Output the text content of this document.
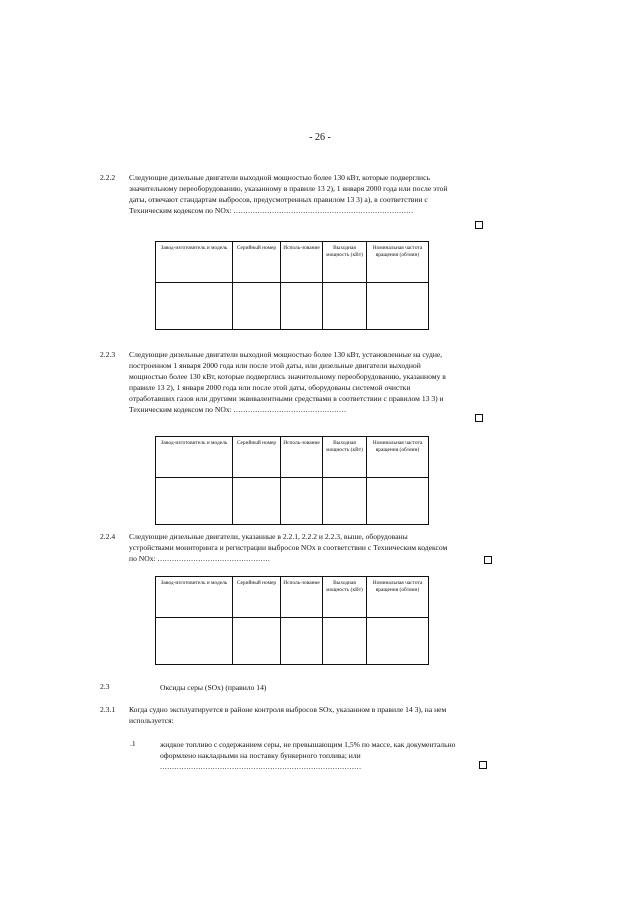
- 26 -
2.2.2 Следующие дизельные двигатели выходной мощностью более 130 кВт, которые подверглись значительному переоборудованию, указанному в правиле 13 2), 1 января 2000 года или после этой даты, отвечают стандартам выбросов, предусмотренных правилом 13 3) a), в соответствии с Техническим кодексом по NOx: ...........................................................................
Завод-изготовитель и модель	Серийный номер	Исполь-зование	Выходная мощность (кВт)	Номинальная частота вращения (об/мин)

2.2.3 Следующие дизельные двигатели выходной мощностью более 130 кВт, установленные на судне, построенном 1 января 2000 года или после этой даты, или дизельные двигатели выходной мощностью более 130 кВт, которые подверглись значительному переоборудованию, указанному в правиле 13 2), 1 января 2000 года или после этой даты, оборудованы системой очистки отработавших газов или другими эквивалентными средствами в соответствии с правилом 13 3) и Техническим кодексом по NOx: ...............................................
Завод-изготовитель и модель	Серийный номер	Исполь-зование	Выходная мощность (кВт)	Номинальная частота вращения (об/мин)

2.2.4 Следующие дизельные двигатели, указанные в 2.2.1, 2.2.2 и 2.2.3, выше, оборудованы устройствами мониторинга и регистрации выбросов NOx в соответствии с Техническим кодексом по NOx: ...............................................
Завод-изготовитель и модель	Серийный номер	Исполь-зование	Выходная мощность (кВт)	Номинальная частота вращения (об/мин)

2.3	Оксиды серы (SOx) (правило 14)
2.3.1 Когда судно эксплуатируется в районе контроля выбросов SOx, указанном в правиле 14 3), на нем используется:
.1	жидкое топливо с содержанием серы, не превышающим 1,5% по массе, как документально оформлено накладными на поставку бункерного топлива; или ....................................................................................
